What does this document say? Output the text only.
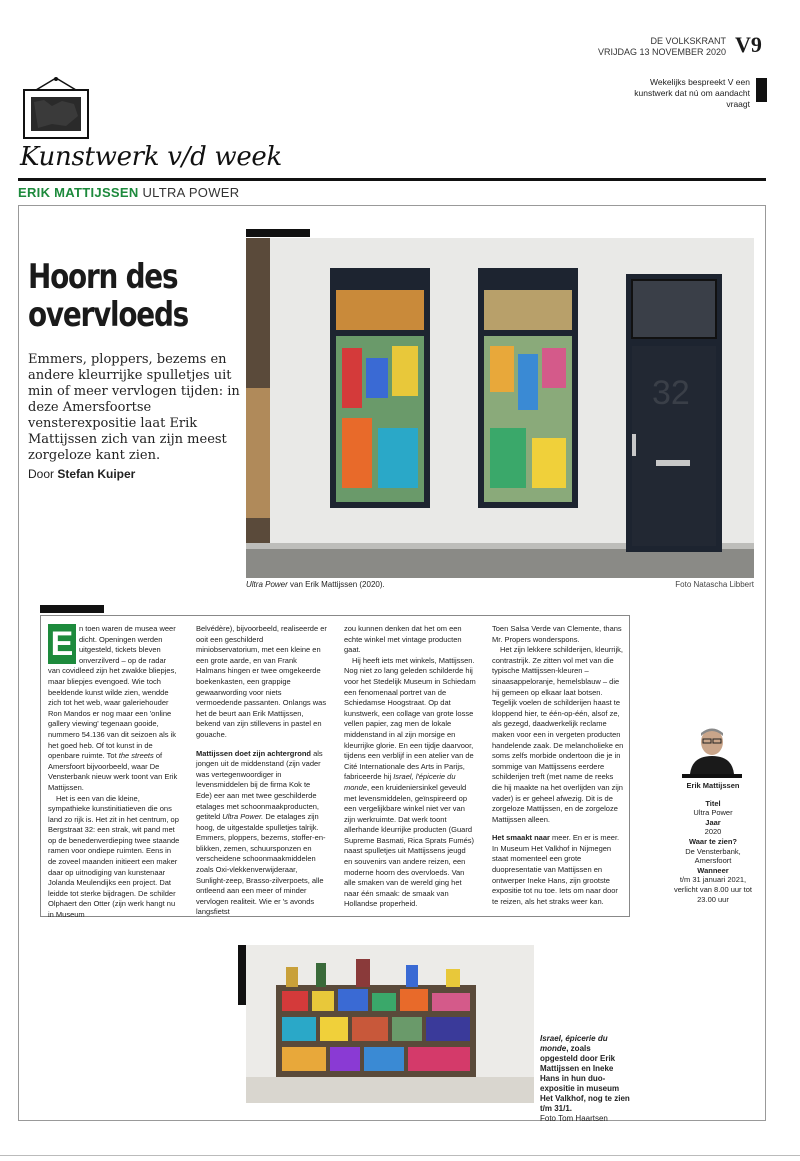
DE VOLKSKRANT
VRIJDAG 13 NOVEMBER 2020 V9
Wekelijks bespreekt V een kunstwerk dat nú om aandacht vraagt
Kunstwerk v/d week
ERIK MATTIJSSEN ULTRA POWER
Hoorn des overvloeds

Emmers, ploppers, bezems en andere kleurrijke spulletjes uit min of meer vervlogen tijden: in deze Amersfoortse vensterexpositie laat Erik Mattijssen zich van zijn meest zorgeloze kant zien.

Door Stefan Kuiper
32
Ultra Power van Erik Mattijssen (2020).	Foto Natascha Libbert

E n toen waren de musea weer dicht. Openingen werden uitgesteld, tickets bleven onverzilverd – op de radar van covidleed zijn het zwakke bliepjes, maar bliepjes evengoed. Wie toch beeldende kunst wilde zien, wendde zich tot het web, waar galeriehouder Ron Mandos er nog maar een 'online gallery viewing' tegenaan gooide, nummero 54.136 van dit seizoen als ik het goed heb. Of tot kunst in de openbare ruimte. Tot the streets of Amersfoort bijvoorbeeld, waar De Vensterbank nieuw werk toont van Erik Mattijssen.

Het is een van die kleine, sympathieke kunstinitiatieven die ons land zo rijk is. Het zit in het centrum, op Bergstraat 32: een strak, wit pand met op de benedenverdieping twee staande ramen voor ondiepe ruimten. Eens in de zoveel maanden initieert een maker daar op uitnodiging van kunstenaar Jolanda Meulendijks een project. Dat leidde tot sterke bijdragen. De schilder Olphaert den Otter (zijn werk hangt nu in Museum

Belvédère), bijvoorbeeld, realiseerde er ooit een geschilderd miniobservatorium, met een kleine en een grote aarde, en van Frank Halmans hingen er twee omgekeerde boekenkasten, een grappige gewaarwording voor niets vermoedende passanten. Onlangs was het de beurt aan Erik Mattijssen, bekend van zijn stillevens in pastel en gouache.

Mattijssen doet zijn achtergrond als jongen uit de middenstand (zijn vader was vertegenwoordiger in levensmiddelen bij de firma Kok te Ede) eer aan met twee geschilderde etalages met schoonmaakproducten, getiteld Ultra Power. De etalages zijn hoog, de uitgestalde spulletjes talrijk. Emmers, ploppers, bezems, stoffer-en-blikken, zemen, schuursponzen en verscheidene schoonmaakmiddelen zoals Oxi-vlekkenverwijderaar, Sunlight-zeep, Brasso-zilverpoets, alle ontleend aan een meer of minder vervlogen realiteit. Wie er 's avonds langsfietst

zou kunnen denken dat het om een echte winkel met vintage producten gaat.

Hij heeft iets met winkels, Mattijssen. Nog niet zo lang geleden schilderde hij voor het Stedelijk Museum in Schiedam een fenomenaal portret van de Schiedamse Hoogstraat. Op dat kunstwerk, een collage van grote losse vellen papier, zag men de lokale middenstand in al zijn morsige en kleurrijke glorie. En een tijdje daarvoor, tijdens een verblijf in een atelier van de Cité Internationale des Arts in Parijs, fabriceerde hij Israel, l'épicerie du monde, een kruideniersinkel geveuld met levensmiddelen, geïnspireerd op een vergelijkbare winkel niet ver van zijn werkruimte. Dat werk toont allerhande kleurrijke producten (Guard Supreme Basmati, Rica Sprats Fumés) naast spulletjes uit Mattijssens jeugd en souvenirs van andere reizen, een moderne hoorn des overvloeds. Van alle smaken van de wereld ging het naar één smaak: de smaak van Hollandse properheid.

Toen Salsa Verde van Clemente, thans Mr. Propers wonderspons.

Het zijn lekkere schilderijen, kleurrijk, contrastrijk. Ze zitten vol met van die typische Mattijssen-kleuren – sinaasappeloranje, hemelsblauw – die hij gemeen op elkaar laat botsen. Tegelijk voelen de schilderijen haast te kloppend hier, te één-op-één, alsof ze, als gezegd, daadwerkelijk reclame maken voor een in vergeten producten handelende zaak. De melancholieke en soms zelfs morbide ondertoon die je in sommige van Mattijssens eerdere schilderijen treft (met name de reeks die hij maakte na het overlijden van zijn vader) is er geheel afwezig. Dit is de zorgeloze Mattijssen, en de zorgeloze Mattijssen alleen.

Het smaakt naar meer. En er is meer. In Museum Het Valkhof in Nijmegen staat momenteel een grote duopresentatie van Mattijssen en ontwerper Ineke Hans, zijn grootste expositie tot nu toe. Iets om naar door te reizen, als het straks weer kan.

Erik Mattijssen
Titel
Ultra Power
Jaar
2020
Waar te zien?
De Vensterbank, Amersfoort
Wanneer
t/m 31 januari 2021, verlicht van 8.00 uur tot 23.00 uur
Israel, épicerie du monde, zoals opgesteld door Erik Mattijssen en Ineke Hans in hun duo-expositie in museum Het Valkhof, nog te zien t/m 31/1.
Foto Tom Haartsen
